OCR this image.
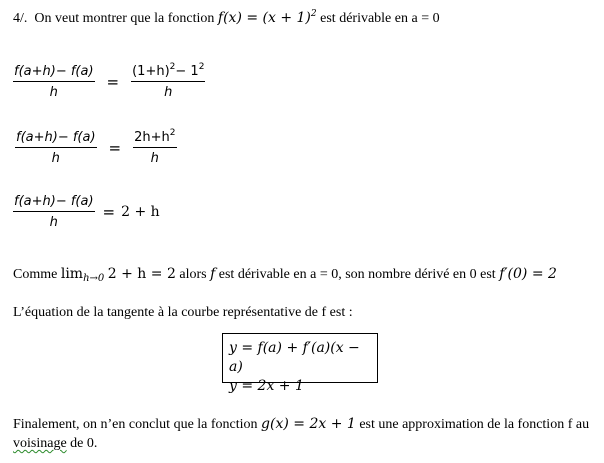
4/. On veut montrer que la fonction $f(x) = (x + 1)^2$ est dérivable en a = 0
$\frac{f(a+h)- f(a)}{h} = \frac{(1+h)^2- 1^2}{h}$
$\frac{f(a+h)- f(a)}{h} = \frac{2h+h^2}{h}$
$\frac{f(a+h)- f(a)}{h} = 2 + h$
Comme $\lim_{h\to 0} 2 + h = 2$ alors f est dérivable en a = 0, son nombre dérivé en 0 est f′(0) = 2
L’équation de la tangente à la courbe représentative de f est :
y = f(a) + f′(a)(x − a)
y = 2x + 1
Finalement, on n’en conclut que la fonction g(x) = 2x + 1 est une approximation de la fonction f au
voisinage de 0.
